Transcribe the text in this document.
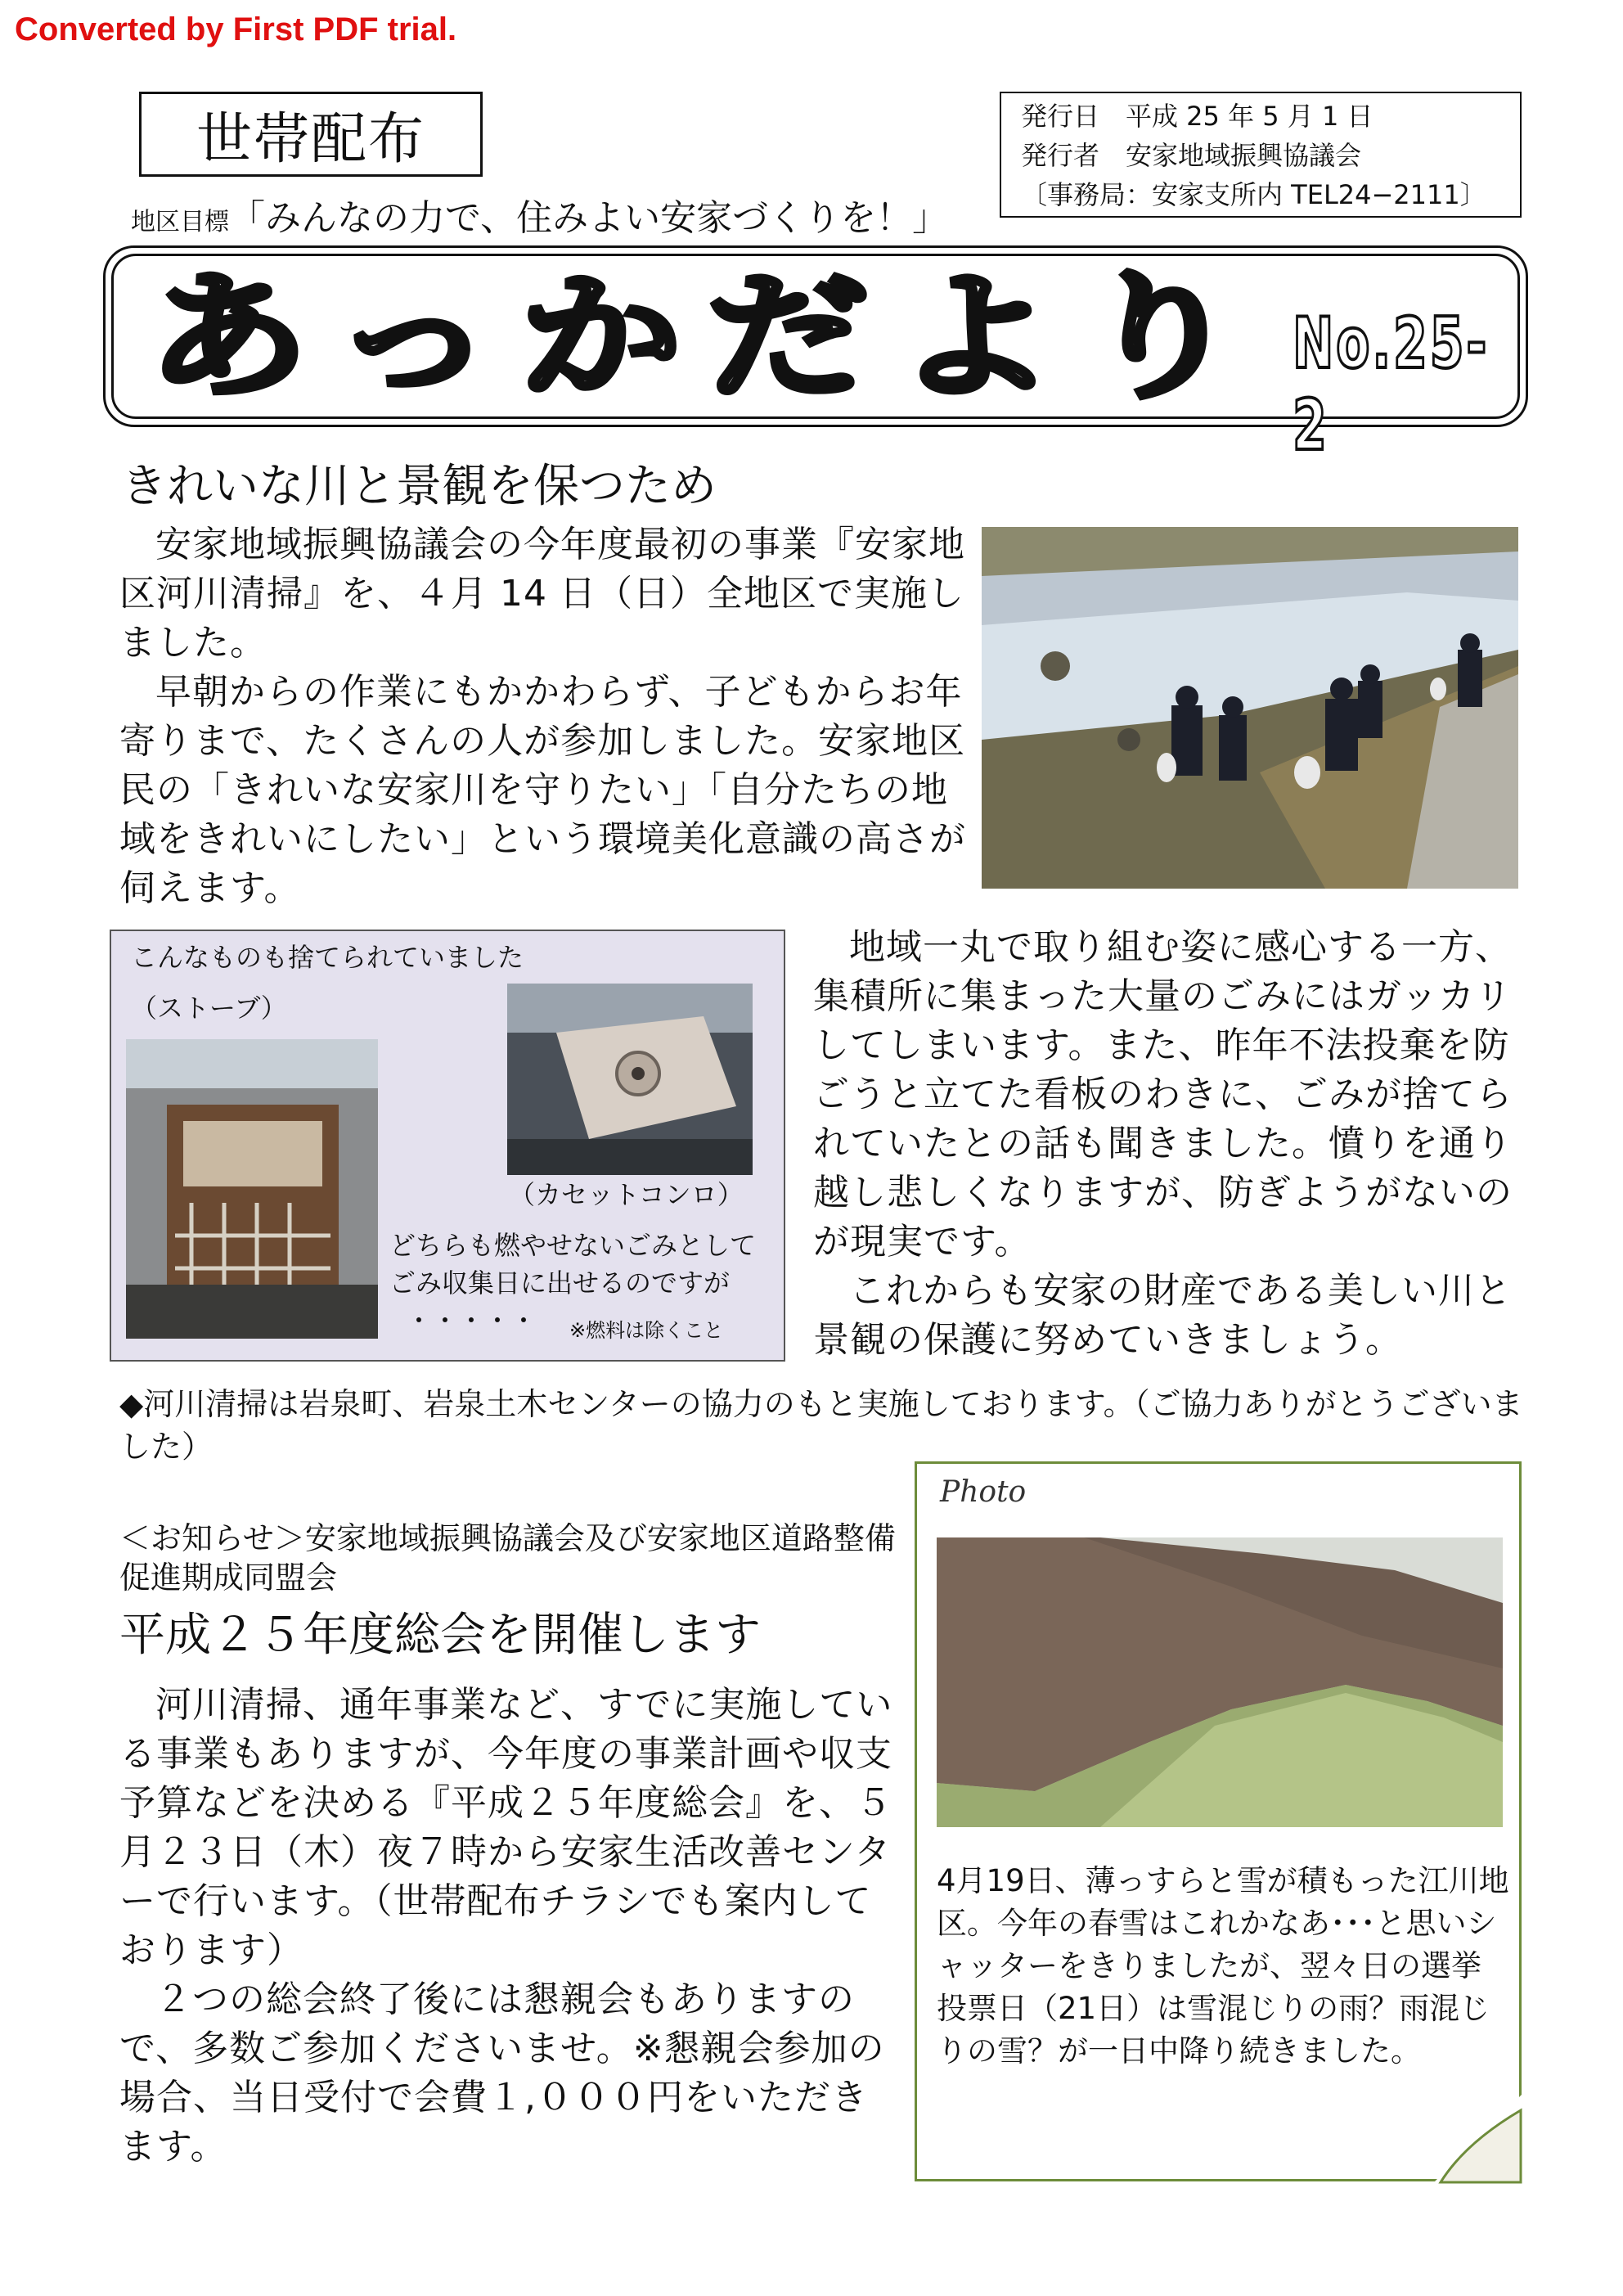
Converted by First PDF trial.
世帯配布	発行日　平成 25 年 5 月 1 日
発行者　安家地域振興協議会
〔事務局：安家支所内 TEL24−2111〕
地区目標「みんなの力で、住みよい安家づくりを！」
あっかだより No.25-2
きれいな川と景観を保つため

安家地域振興協議会の今年度最初の事業『安家地区河川清掃』を、４月 14 日（日）全地区で実施しました。

早朝からの作業にもかかわらず、子どもからお年寄りまで、たくさんの人が参加しました。安家地区民の「きれいな安家川を守りたい」「自分たちの地域をきれいにしたい」という環境美化意識の高さが伺えます。

こんなものも捨てられていました
（ストーブ）
（カセットコンロ）
どちらも燃やせないごみとして
ごみ収集日に出せるのですが
・・・・・ ※燃料は除くこと

地域一丸で取り組む姿に感心する一方、集積所に集まった大量のごみにはガッカリしてしまいます。また、昨年不法投棄を防ごうと立てた看板のわきに、ごみが捨てられていたとの話も聞きました。憤りを通り越し悲しくなりますが、防ぎようがないのが現実です。

これからも安家の財産である美しい川と景観の保護に努めていきましょう。

◆河川清掃は岩泉町、岩泉土木センターの協力のもと実施しております。（ご協力ありがとうございました）
＜お知らせ＞安家地域振興協議会及び安家地区道路整備促進期成同盟会
平成２５年度総会を開催します

河川清掃、通年事業など、すでに実施している事業もありますが、今年度の事業計画や収支予算などを決める『平成２５年度総会』を、５月２３日（木）夜７時から安家生活改善センターで行います。（世帯配布チラシでも案内しております）

２つの総会終了後には懇親会もありますので、多数ご参加くださいませ。※懇親会参加の場合、当日受付で会費１,０００円をいただきます。

Photo
4月19日、薄っすらと雪が積もった江川地区。今年の春雪はこれかなあ･･･と思いシャッターをきりましたが、翌々日の選挙投票日（21日）は雪混じりの雨？雨混じりの雪？が一日中降り続きました。
